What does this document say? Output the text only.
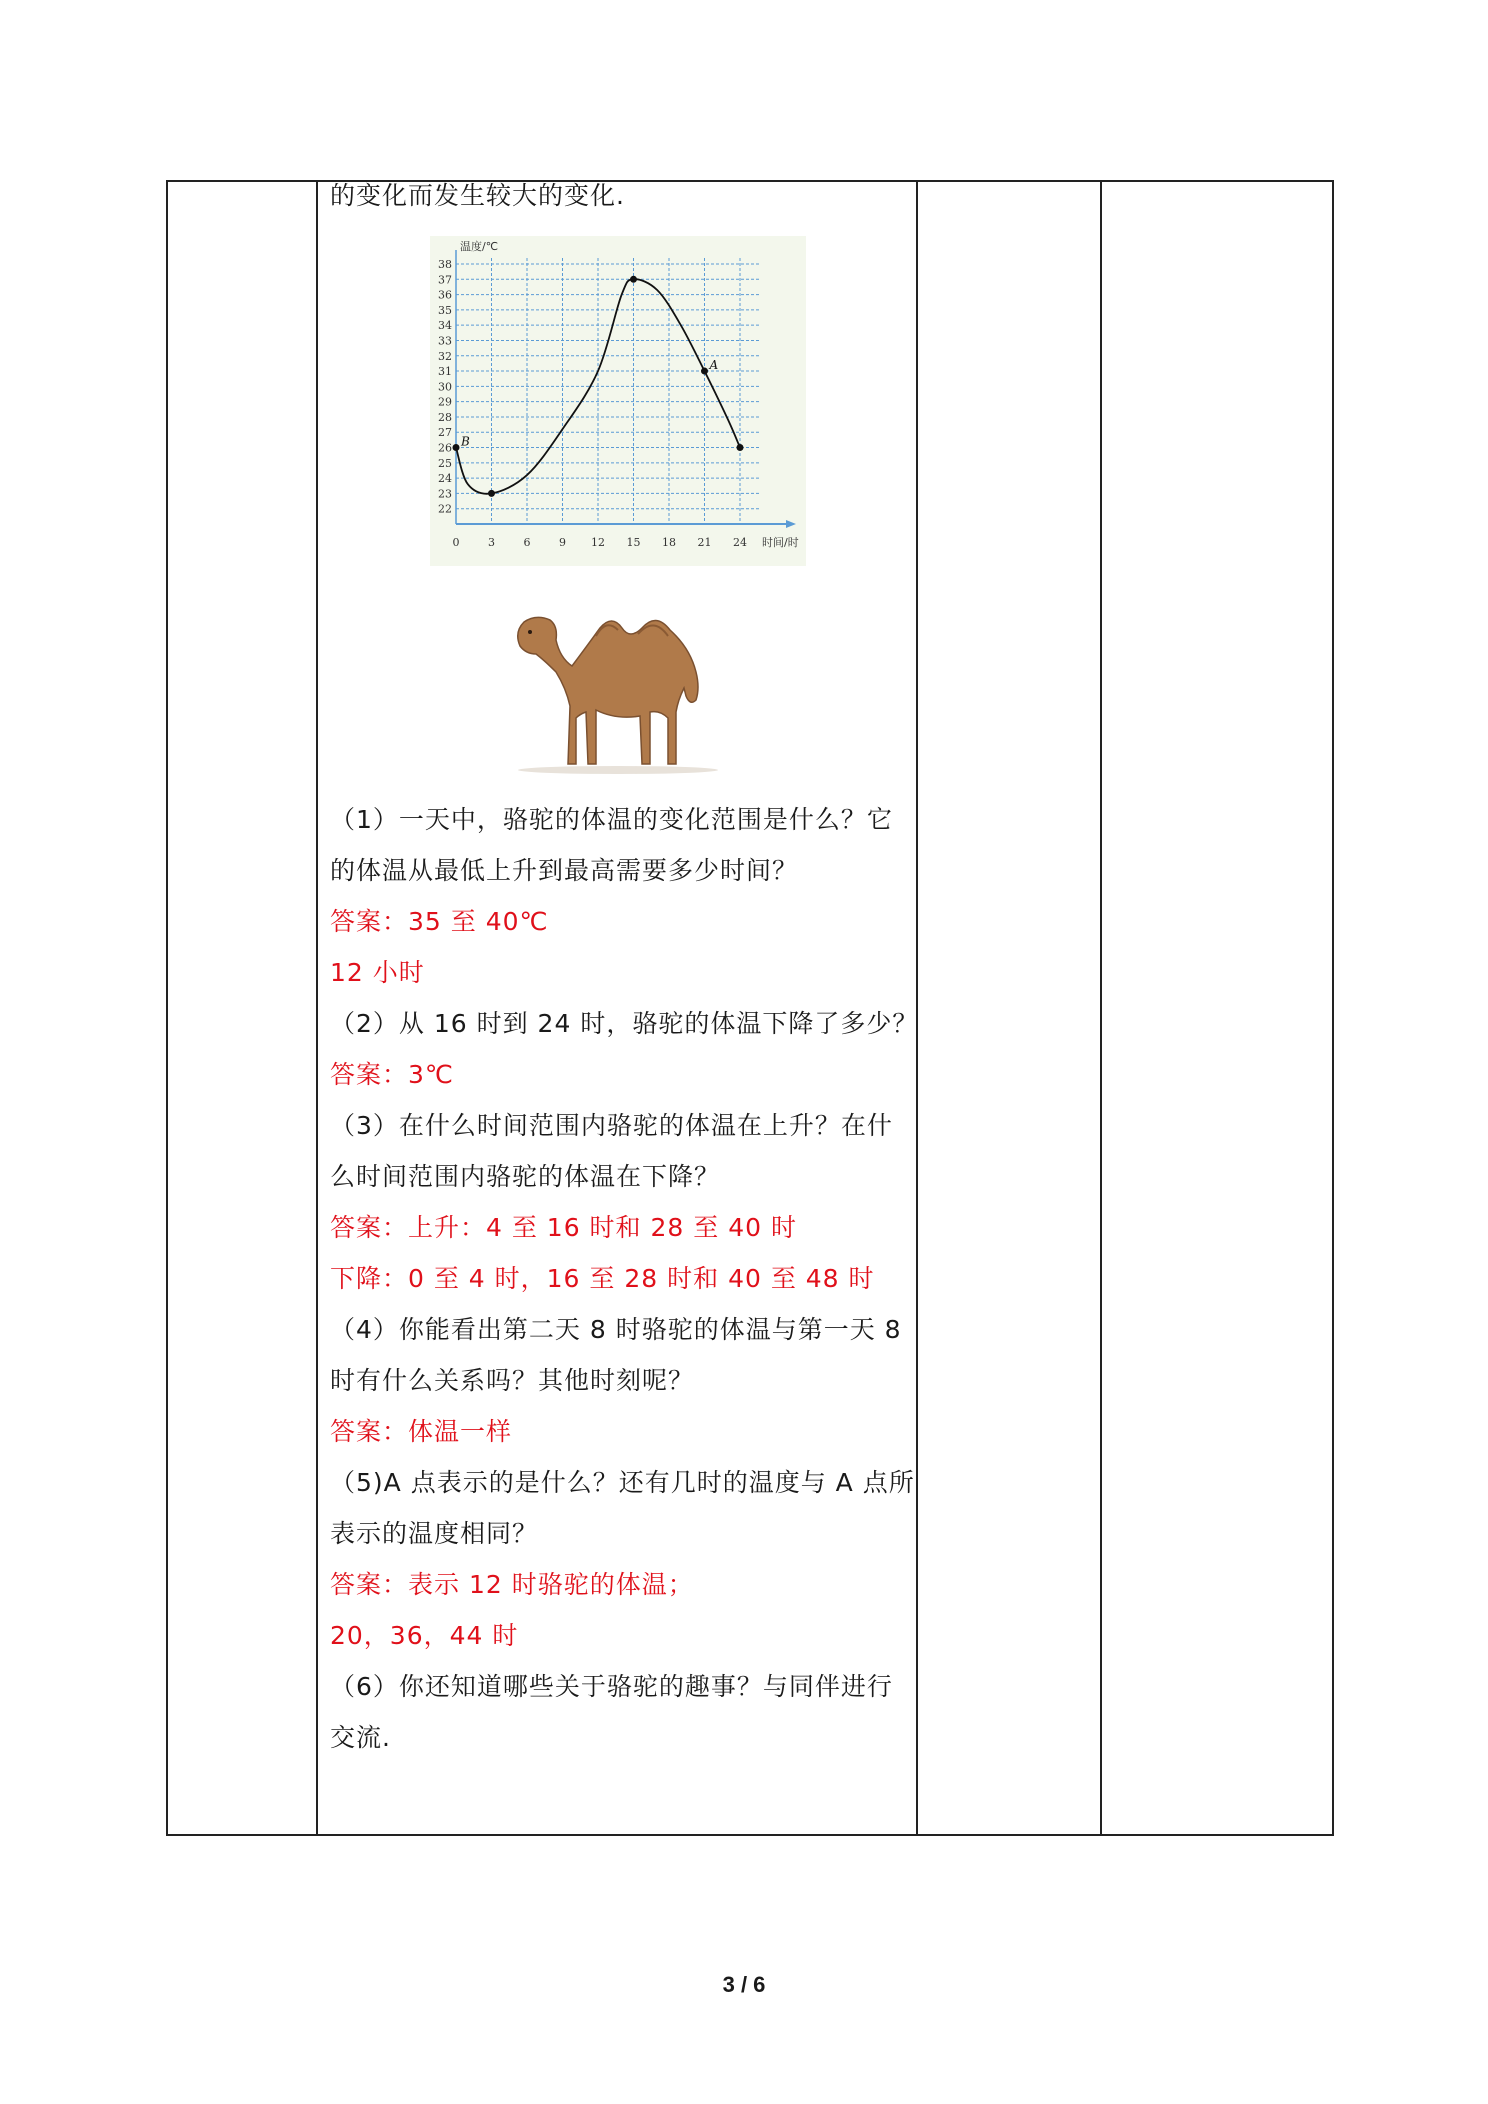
的变化而发生较大的变化.
22
23
24
25
26
27
28
29
30
31
32
33
34
35
36
37
38
0	3	6	9 12 15 18 21 24
温度/℃
时间/时
B
A
（1）一天中，骆驼的体温的变化范围是什么？它
的体温从最低上升到最高需要多少时间？
答案：35 至 40℃
12 小时
（2）从 16 时到 24 时，骆驼的体温下降了多少？
答案：3℃
（3）在什么时间范围内骆驼的体温在上升？在什
么时间范围内骆驼的体温在下降？
答案：上升：4 至 16 时和 28 至 40 时
下降：0 至 4 时，16 至 28 时和 40 至 48 时
（4）你能看出第二天 8 时骆驼的体温与第一天 8
时有什么关系吗？其他时刻呢？
答案：体温一样
（5)A 点表示的是什么？还有几时的温度与 A 点所
表示的温度相同？
答案：表示 12 时骆驼的体温；
20，36，44 时
（6）你还知道哪些关于骆驼的趣事？与同伴进行
交流.
3 / 6
